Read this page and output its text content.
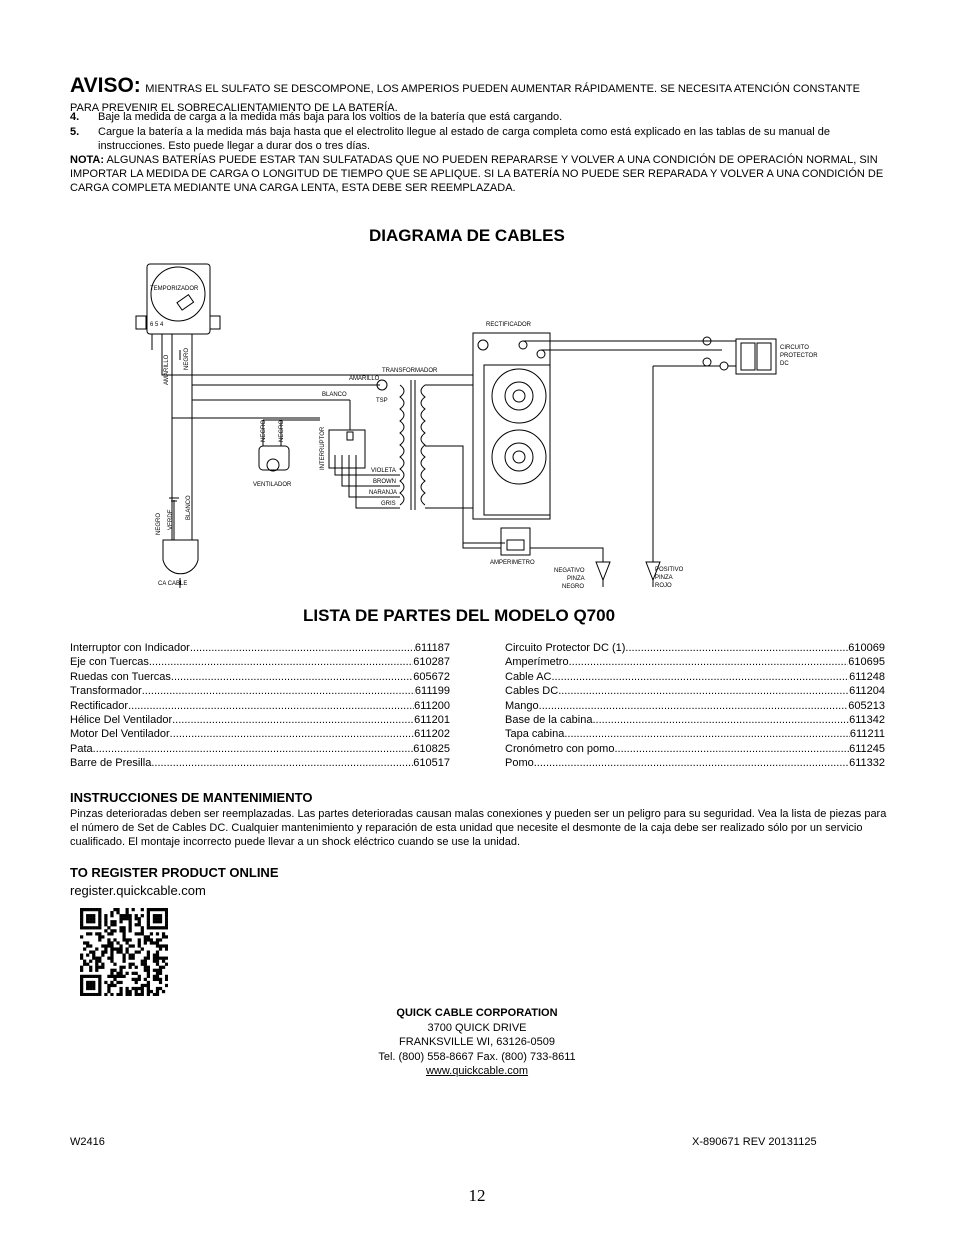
AVISO: MIENTRAS EL SULFATO SE DESCOMPONE, LOS AMPERIOS PUEDEN AUMENTAR RÁPIDAMENTE. SE NECESITA ATENCIÓN CONSTANTE PARA PREVENIR EL SOBRECALIENTAMIENTO DE LA BATERÍA.
4. Baje la medida de carga a la medida más baja para los voltios de la batería que está cargando.
5. Cargue la batería a la medida más baja hasta que el electrolito llegue al estado de carga completa como está explicado en las tablas de su manual de instrucciones. Esto puede llegar a durar dos o tres días.
NOTA: ALGUNAS BATERÍAS PUEDE ESTAR TAN SULFATADAS QUE NO PUEDEN REPARARSE Y VOLVER A UNA CONDICIÓN DE OPERACIÓN NORMAL, SIN IMPORTAR LA MEDIDA DE CARGA O LONGITUD DE TIEMPO QUE SE APLIQUE. SI LA BATERÍA NO PUEDE SER REPARADA Y VOLVER A UNA CONDICIÓN DE CARGA COMPLETA MEDIANTE UNA CARGA LENTA, ESTA DEBE SER REEMPLAZADA.
DIAGRAMA DE CABLES
TEMPORIZADOR
6 5 4
AMARILLO NEGRO
AMARILLO
BLANCO
TRANSFORMADOR
TSP
RECTIFICADOR
CIRCUITO
PROTECTOR
DC
NEGRO NEGRO
VENTILADOR
INTERRUPTOR
VIOLETA
BROWN
NARANJA
GRIS
NEGRO VERDE BLANCO
CA CABLE
AMPERIMETRO
NEGATIVO
PINZA
NEGRO
POSITIVO
PINZA
ROJO
LISTA DE PARTES DEL MODELO Q700
Interruptor con Indicador .....	611187
Eje con Tuercas .....	610287
Ruedas con Tuercas .....	605672
Transformador .....	611199
Rectificador .....	611200
Hélice Del Ventilador .....	611201
Motor Del Ventilador .....	611202
Pata .....	610825
Barre de Presilla .....	610517
Circuito Protector DC (1) .....	610069
Amperímetro .....	610695
Cable AC .....	611248
Cables DC .....	611204
Mango .....	605213
Base de la cabina .....	611342
Tapa cabina .....	611211
Cronómetro con pomo .....	611245
Pomo .....	611332
INSTRUCCIONES DE MANTENIMIENTO
Pinzas deterioradas deben ser reemplazadas. Las partes deterioradas causan malas conexiones y pueden ser un peligro para su seguridad. Vea la lista de piezas para el número de Set de Cables DC. Cualquier mantenimiento y reparación de esta unidad que necesite el desmonte de la caja debe ser realizado sólo por un servicio cualificado. El montaje incorrecto puede llevar a un shock eléctrico cuando se use la unidad.
TO REGISTER PRODUCT ONLINE
register.quickcable.com
QUICK CABLE CORPORATION
3700 QUICK DRIVE
FRANKSVILLE WI, 63126-0509
Tel. (800) 558-8667 Fax. (800) 733-8611
www.quickcable.com
W2416	X-890671 REV 20131125
12
